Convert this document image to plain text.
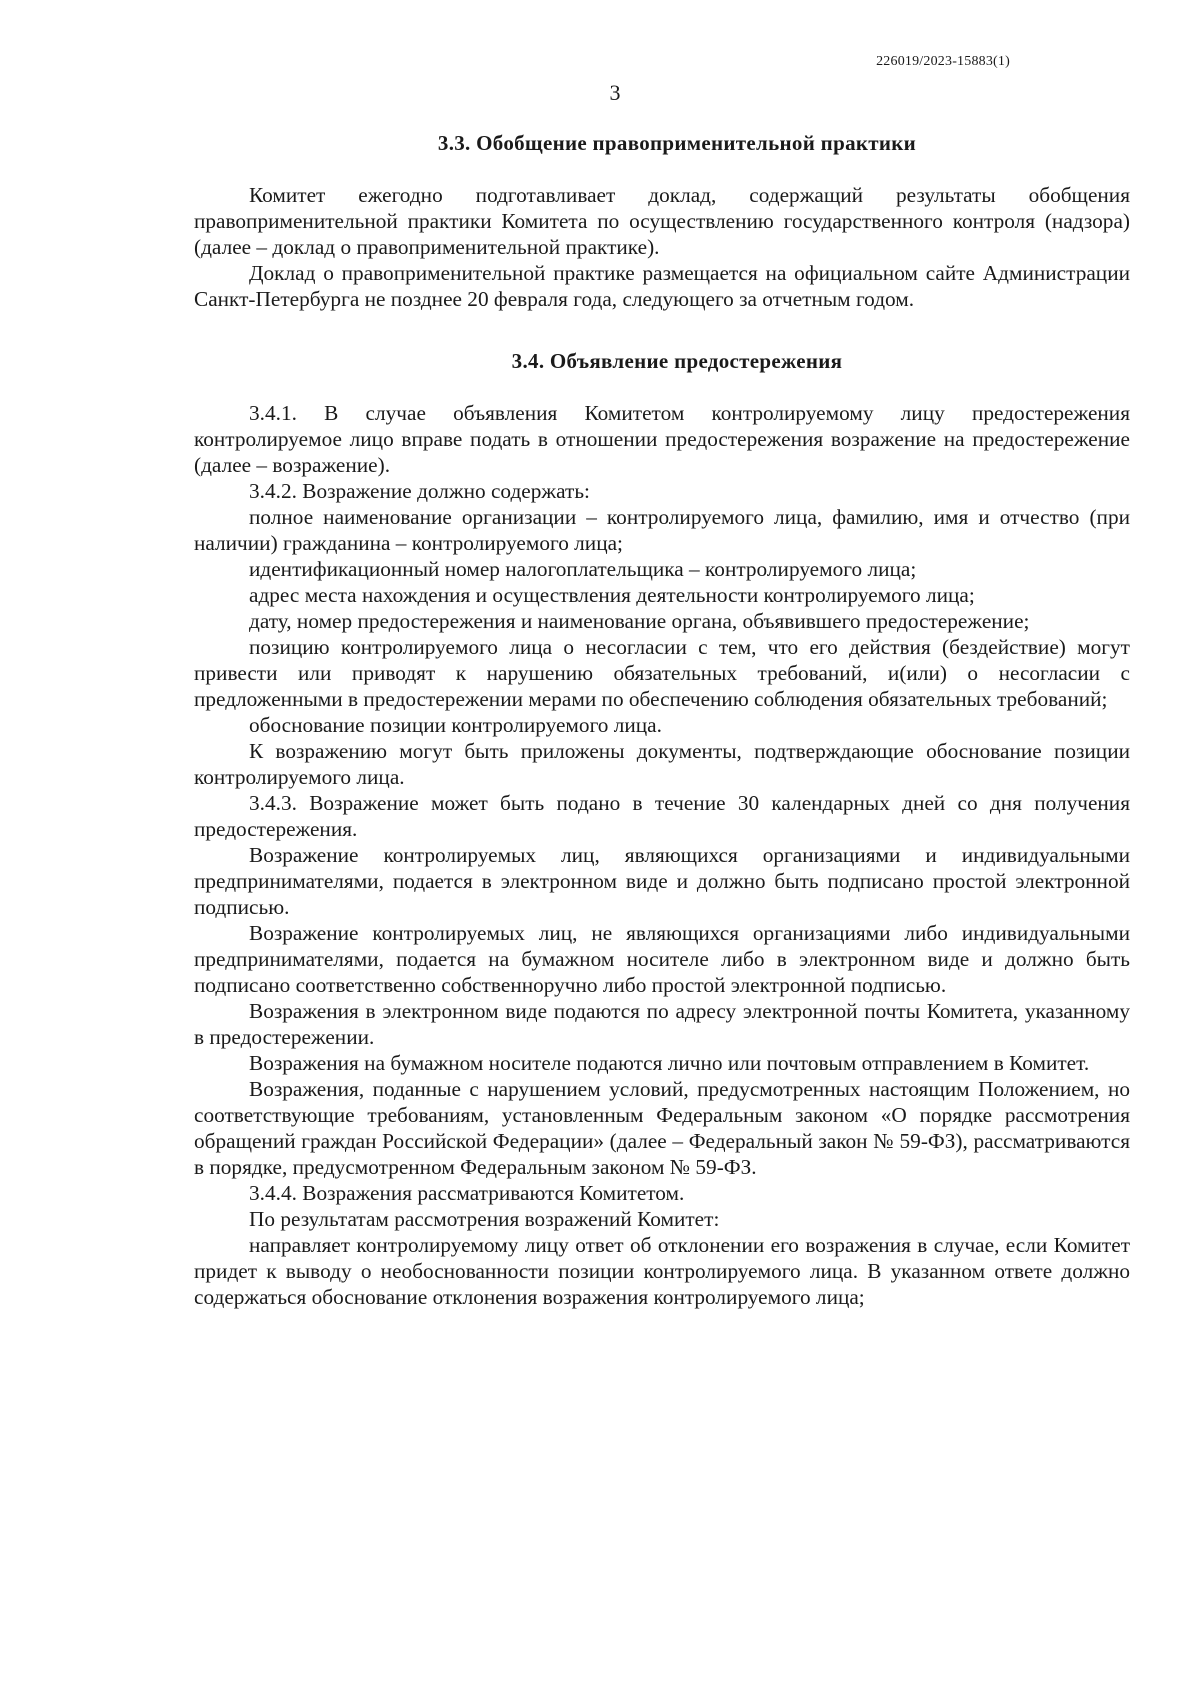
226019/2023-15883(1)
3
3.3. Обобщение правоприменительной практики

Комитет ежегодно подготавливает доклад, содержащий результаты обобщения правоприменительной практики Комитета по осуществлению государственного контроля (надзора) (далее – доклад о правоприменительной практике).

Доклад о правоприменительной практике размещается на официальном сайте Администрации Санкт-Петербурга не позднее 20 февраля года, следующего за отчетным годом.

3.4. Объявление предостережения

3.4.1. В случае объявления Комитетом контролируемому лицу предостережения контролируемое лицо вправе подать в отношении предостережения возражение на предостережение (далее – возражение).

3.4.2. Возражение должно содержать:

полное наименование организации – контролируемого лица, фамилию, имя и отчество (при наличии) гражданина – контролируемого лица;

идентификационный номер налогоплательщика – контролируемого лица;

адрес места нахождения и осуществления деятельности контролируемого лица;

дату, номер предостережения и наименование органа, объявившего предостережение;

позицию контролируемого лица о несогласии с тем, что его действия (бездействие) могут привести или приводят к нарушению обязательных требований, и(или) о несогласии с предложенными в предостережении мерами по обеспечению соблюдения обязательных требований;

обоснование позиции контролируемого лица.

К возражению могут быть приложены документы, подтверждающие обоснование позиции контролируемого лица.

3.4.3. Возражение может быть подано в течение 30 календарных дней со дня получения предостережения.

Возражение контролируемых лиц, являющихся организациями и индивидуальными предпринимателями, подается в электронном виде и должно быть подписано простой электронной подписью.

Возражение контролируемых лиц, не являющихся организациями либо индивидуальными предпринимателями, подается на бумажном носителе либо в электронном виде и должно быть подписано соответственно собственноручно либо простой электронной подписью.

Возражения в электронном виде подаются по адресу электронной почты Комитета, указанному в предостережении.

Возражения на бумажном носителе подаются лично или почтовым отправлением в Комитет.

Возражения, поданные с нарушением условий, предусмотренных настоящим Положением, но соответствующие требованиям, установленным Федеральным законом «О порядке рассмотрения обращений граждан Российской Федерации» (далее – Федеральный закон № 59-ФЗ), рассматриваются в порядке, предусмотренном Федеральным законом № 59-ФЗ.

3.4.4. Возражения рассматриваются Комитетом.

По результатам рассмотрения возражений Комитет:

направляет контролируемому лицу ответ об отклонении его возражения в случае, если Комитет придет к выводу о необоснованности позиции контролируемого лица. В указанном ответе должно содержаться обоснование отклонения возражения контролируемого лица;
